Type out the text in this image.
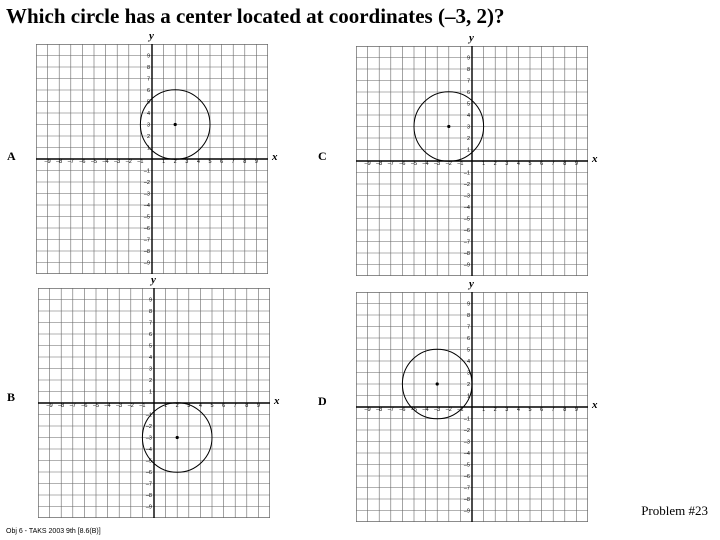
Which circle has a center located at coordinates (–3, 2)?
A	–9 –8 –7 –6 –5 –4 –3 –2 –1	1 2 3 4 5 6 7 8 9
9
8
7
6
5
4
3
2
1
–1
–2
–3
–4
–5
–6
–7
–8
–9
x
y
B
–9 –8 –7 –6 –5 –4 –3 –2 –1	1 2 3 4 5 6 7 8 9
9
8
7
6
5
4
3
2
1
–1
–2
–3
–4
–5
–6
–7
–8
–9
x
y
C
–9 –8 –7 –6 –5 –4 –3 –2 –1	1 2 3 4 5 6 7 8 9
9
8
7
6
5
4
3
2
1
–1
–2
–3
–4
–5
–6
–7
–8
–9
x
y
D
–9 –8 –7 –6 –5 –4 –3 –2 –1	1 2 3 4 5 6 7 8 9
9
8
7
6
5
4
3
2
1
–1
–2
–3
–4
–5
–6
–7
–8
–9
x
y
Problem #23
Obj 6 - TAKS 2003 9th [8.6(B)]
